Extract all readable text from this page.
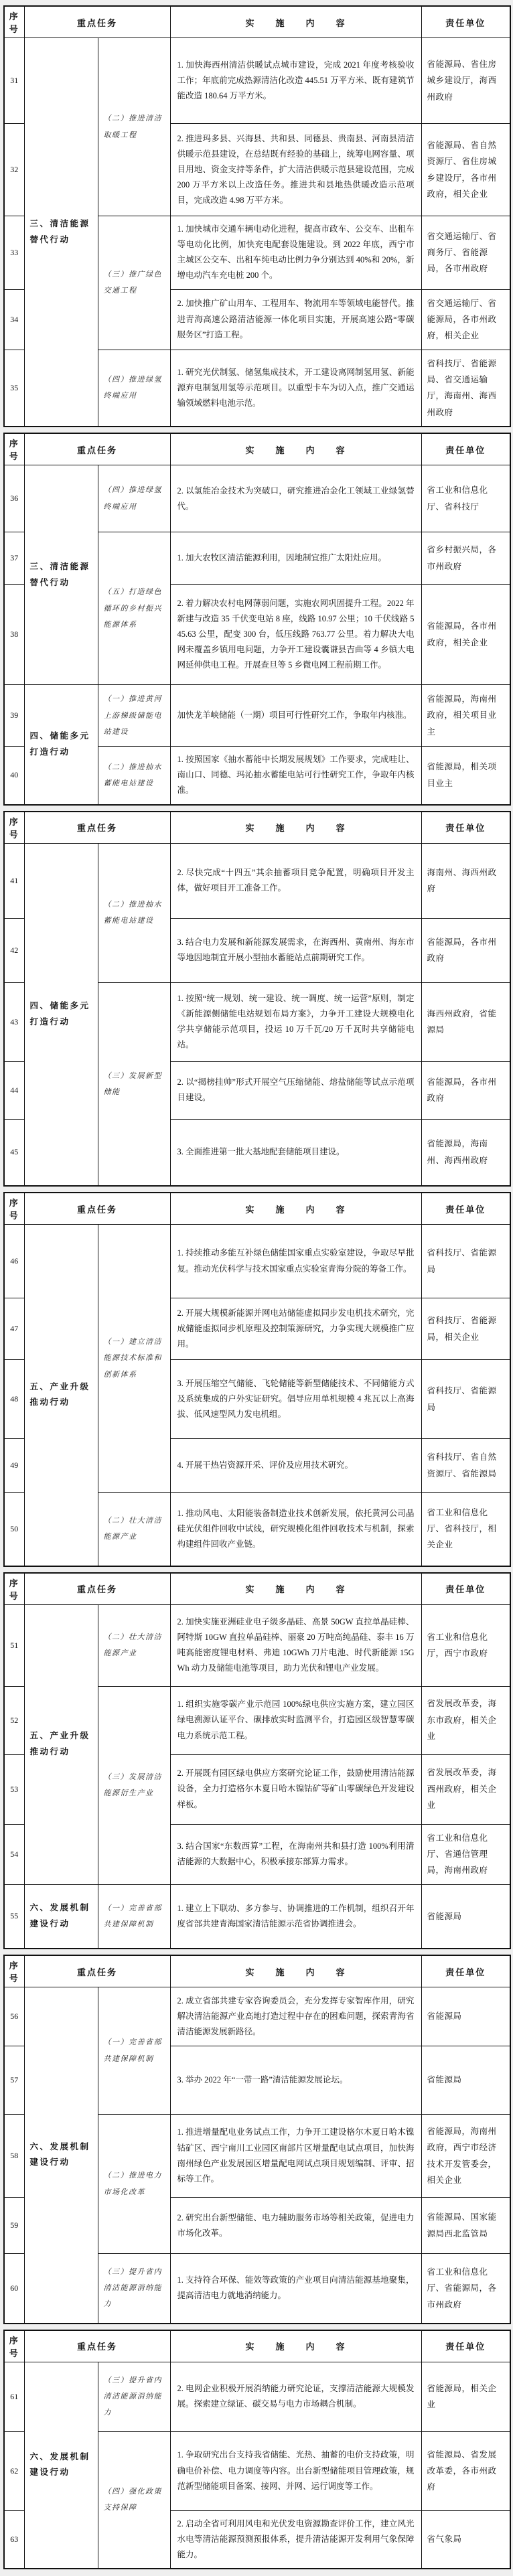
序号	重点任务		实　　施　　内　　容	责任单位
31	三、清洁能源替代行动	（二）推进清洁取暖工程	1. 加快海西州清洁供暖试点城市建设，完成 2021 年度考核验收工作；年底前完成热源清洁化改造 445.51 万平方米、既有建筑节能改造 180.64 万平方米。	省能源局、省住房城乡建设厅，海西州政府
32			2. 推进玛多县、兴海县、共和县、同德县、贵南县、河南县清洁供暖示范县建设，在总结既有经验的基础上，统筹电网容量、项目用地、资金支持等条件，扩大清洁供暖示范县建设范围，完成 200 万平方米以上改造任务。推进共和县地热供暖改造示范项目，完成改造 4.98 万平方米。	省能源局、省自然资源厅、省住房城乡建设厅，各市州政府，相关企业
33		（三）推广绿色交通工程	1. 加快城市交通车辆电动化进程，提高市政车、公交车、出租车等电动化比例，加快充电配套设施建设。到 2022 年底，西宁市主城区公交车、出租车纯电动比例力争分别达到 40%和 20%，新增电动汽车充电桩 200 个。	省交通运输厅、省商务厅、省能源局，各市州政府
34			2. 加快推广矿山用车、工程用车、物流用车等领域电能替代。推进青海高速公路清洁能源一体化项目实施，开展高速公路“零碳服务区”打造工程。	省交通运输厅、省能源局，各市州政府，相关企业
35		（四）推进绿氢终端应用	1. 研究光伏制氢、储氢集成技术，开工建设离网制氢用氢、新能源弃电制氢用氢等示范项目。以重型卡车为切入点，推广交通运输领域燃料电池示范。	省科技厅、省能源局、省交通运输厅，海南州、海西州政府
序号	重点任务		实　　施　　内　　容	责任单位
36	三、清洁能源替代行动	（四）推进绿氢终端应用	2. 以氢能冶金技术为突破口，研究推进冶金化工领域工业绿氢替代。	省工业和信息化厅、省科技厅
37		（五）打造绿色循环的乡村振兴能源体系	1. 加大农牧区清洁能源利用，因地制宜推广太阳灶应用。	省乡村振兴局，各市州政府
38			2. 着力解决农村电网薄弱问题，实施农网巩固提升工程。2022 年新建与改造 35 千伏变电站 8 座，线路 10.97 公里；10 千伏线路 545.63 公里，配变 300 台，低压线路 763.77 公里。着力解决大电网未覆盖乡镇用电问题，力争开工建设囊谦县吉曲等 4 乡镇大电网延伸供电工程。开展查旦等 5 乡微电网工程前期工作。	省能源局，各市州政府，相关企业
39	四、储能多元打造行动	（一）推进黄河上游梯级储能电站建设	加快龙羊峡储能（一期）项目可行性研究工作，争取年内核准。	省能源局，海南州政府，相关项目业主
40		（二）推进抽水蓄能电站建设	1. 按照国家《抽水蓄能中长期发展规划》工作要求，完成哇让、南山口、同德、玛沁抽水蓄能电站可行性研究工作，争取年内核准。	省能源局，相关项目业主
序号	重点任务		实　　施　　内　　容	责任单位
41	四、储能多元打造行动	（二）推进抽水蓄能电站建设	2. 尽快完成“十四五”其余抽蓄项目竞争配置，明确项目开发主体，做好项目开工准备工作。	海南州、海西州政府
42			3. 结合电力发展和新能源发展需求，在海西州、黄南州、海东市等地因地制宜开展小型抽水蓄能站点前期研究工作。	省能源局，各市州政府
43		（三）发展新型储能	1. 按照“统一规划、统一建设、统一调度、统一运营”原则，制定《新能源侧储能电站规划布局方案》，力争开工建设大规模电化学共享储能示范项目，投运 10 万千瓦/20 万千瓦时共享储能电站。	海西州政府，省能源局
44			2. 以“揭榜挂帅”形式开展空气压缩储能、熔盐储能等试点示范项目建设。	省能源局，各市州政府
45			3. 全面推进第一批大基地配套储能项目建设。	省能源局，海南州、海西州政府
序号	重点任务		实　　施　　内　　容	责任单位
46	五、产业升级推动行动	（一）建立清洁能源技术标准和创新体系	1. 持续推动多能互补绿色储能国家重点实验室建设，争取尽早批复。推动光伏科学与技术国家重点实验室青海分院的筹备工作。	省科技厅、省能源局
47			2. 开展大规模新能源并网电站储能虚拟同步发电机技术研究，完成储能虚拟同步机原理及控制策源研究，力争实现大规模推广应用。	省科技厅、省能源局，相关企业
48			3. 开展压缩空气储能、飞轮储能等新型储能技术、不同储能方式及系统集成的户外实证研究。倡导应用单机规模 4 兆瓦以上高海拔、低风速型风力发电机组。	省科技厅、省能源局
49			4. 开展干热岩资源开采、评价及应用技术研究。	省科技厅、省自然资源厅、省能源局
50		（二）壮大清洁能源产业	1. 推动风电、太阳能装备制造业技术创新发展，依托黄河公司晶硅光伏组件回收中试线，研究规模化组件回收技术与机制，探索构建组件回收产业链。	省工业和信息化厅、省科技厅，相关企业
序号	重点任务		实　　施　　内　　容	责任单位
51	五、产业升级推动行动	（二）壮大清洁能源产业	2. 加快实施亚洲硅业电子级多晶硅、高景 50GW 直拉单晶硅棒、阿特斯 10GW 直拉单晶硅棒、丽豪 20 万吨高纯晶硅、泰丰 16 万吨高能密度锂电材料、弗迪 10GWh 刀片电池、时代新能源 15GWh 动力及储能电池等项目，助力光伏和锂电产业发展。	省工业和信息化厅，西宁市政府
52		（三）发展清洁能源衍生产业	1. 组织实施零碳产业示范园 100%绿电供应实施方案，建立园区绿电溯源认证平台、碳排放实时监测平台，打造园区级智慧零碳电力系统示范工程。	省发展改革委，海东市政府，相关企业
53			2. 开展既有园区绿电供应方案研究论证工作，鼓励使用清洁能源设备，全力打造格尔木夏日哈木镍钴矿等矿山零碳绿色开发建设样板。	省发展改革委，海西州政府，相关企业
54			3. 结合国家“东数西算”工程，在海南州共和县打造 100%利用清洁能源的大数据中心，积极承接东部算力需求。	省工业和信息化厅、省通信管理局，海南州政府
55	六、发展机制建设行动	（一）完善省部共建保障机制	1. 建立上下联动、多方参与、协调推进的工作机制，组织召开年度省部共建青海国家清洁能源示范省协调推进会。	省能源局
序号	重点任务		实　　施　　内　　容	责任单位
56	六、发展机制建设行动	（一）完善省部共建保障机制	2. 成立省部共建专家咨询委员会，充分发挥专家智库作用，研究解决清洁能源产业高地打造过程中存在的困难问题，探索青海省清洁能源发展新路径。	省能源局
57			3. 举办 2022 年“一带一路”清洁能源发展论坛。	省能源局
58		（二）推进电力市场化改革	1. 推进增量配电业务试点工作，力争开工建设格尔木夏日哈木镍钴矿区、西宁南川工业园区南部片区增量配电试点项目，加快海南州绿色产业发展园区增量配电网试点项目规划编制、评审、招标等工作。	省能源局，海南州政府，西宁市经济技术开发管委会，相关企业
59			2. 研究出台新型储能、电力辅助服务市场等相关政策，促进电力市场化改革。	省能源局、国家能源局西北监管局
60		（三）提升省内清洁能源消纳能力	1. 支持符合环保、能效等政策的产业项目向清洁能源基地聚集，提高清洁电力就地消纳能力。	省工业和信息化厅、省能源局，各市州政府
序号	重点任务		实　　施　　内　　容	责任单位
61	六、发展机制建设行动	（三）提升省内清洁能源消纳能力	2. 电网企业积极开展消纳能力研究论证，支撑清洁能源大规模发展。探索建立绿证、碳交易与电力市场耦合机制。	省能源局，相关企业
62		（四）强化政策支持保障	1. 争取研究出台支持我省储能、光热、抽蓄的电价支持政策，明确电价补偿、电力调度等内容。出台新型储能项目管理政策，规范新型储能项目备案、接网、并网、运行调度等工作。	省能源局、省发展改革委，各市州政府
63			2. 启动全省可利用风电和光伏发电资源勘查评价工作，建立风光水电等清洁能源预测预报体系，提升清洁能源开发利用气象保障能力。	省气象局
